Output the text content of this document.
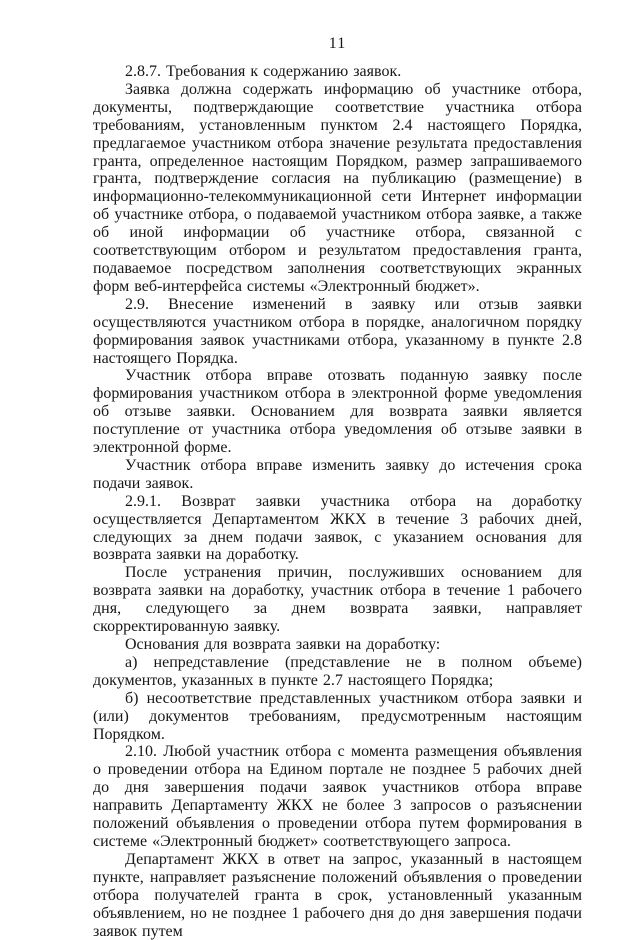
11

2.8.7. Требования к содержанию заявок.

Заявка должна содержать информацию об участнике отбора, документы, подтверждающие соответствие участника отбора требованиям, установленным пунктом 2.4 настоящего Порядка, предлагаемое участником отбора значение результата предоставления гранта, определенное настоящим Порядком, размер запрашиваемого гранта, подтверждение согласия на публикацию (размещение) в информационно-телекоммуникационной сети Интернет информации об участнике отбора, о подаваемой участником отбора заявке, а также об иной информации об участнике отбора, связанной с соответствующим отбором и результатом предоставления гранта, подаваемое посредством заполнения соответствующих экранных форм веб-интерфейса системы «Электронный бюджет».

2.9. Внесение изменений в заявку или отзыв заявки осуществляются участником отбора в порядке, аналогичном порядку формирования заявок участниками отбора, указанному в пункте 2.8 настоящего Порядка.

Участник отбора вправе отозвать поданную заявку после формирования участником отбора в электронной форме уведомления об отзыве заявки. Основанием для возврата заявки является поступление от участника отбора уведомления об отзыве заявки в электронной форме.

Участник отбора вправе изменить заявку до истечения срока подачи заявок.

2.9.1. Возврат заявки участника отбора на доработку осуществляется Департаментом ЖКХ в течение 3 рабочих дней, следующих за днем подачи заявок, с указанием основания для возврата заявки на доработку.

После устранения причин, послуживших основанием для возврата заявки на доработку, участник отбора в течение 1 рабочего дня, следующего за днем возврата заявки, направляет скорректированную заявку.

Основания для возврата заявки на доработку:

а) непредставление (представление не в полном объеме) документов, указанных в пункте 2.7 настоящего Порядка;

б) несоответствие представленных участником отбора заявки и (или) документов требованиям, предусмотренным настоящим Порядком.

2.10. Любой участник отбора с момента размещения объявления о проведении отбора на Едином портале не позднее 5 рабочих дней до дня завершения подачи заявок участников отбора вправе направить Департаменту ЖКХ не более 3 запросов о разъяснении положений объявления о проведении отбора путем формирования в системе «Электронный бюджет» соответствующего запроса.

Департамент ЖКХ в ответ на запрос, указанный в настоящем пункте, направляет разъяснение положений объявления о проведении отбора получателей гранта в срок, установленный указанным объявлением, но не позднее 1 рабочего дня до дня завершения подачи заявок путем
